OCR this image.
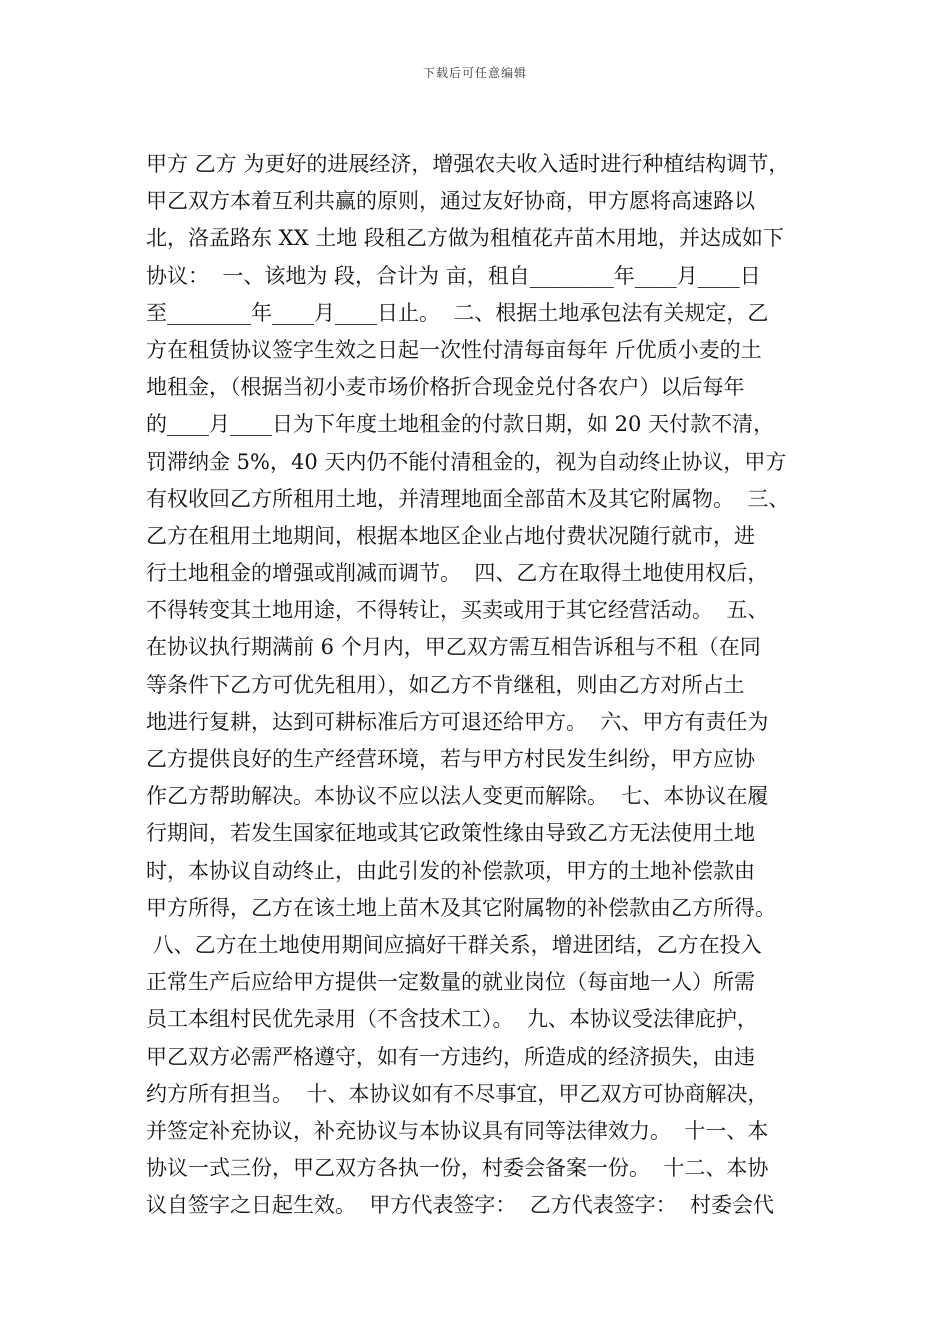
下载后可任意编辑
甲方 乙方 为更好的进展经济，增强农夫收入适时进行种植结构调节，
甲乙双方本着互利共赢的原则，通过友好协商，甲方愿将高速路以
北，洛孟路东 XX 土地 段租乙方做为租植花卉苗木用地，并达成如下
协议：  一、该地为 段，合计为 亩，租自________年____月____日
至________年____月____日止。  二、根据土地承包法有关规定，乙
方在租赁协议签字生效之日起一次性付清每亩每年 斤优质小麦的土
地租金，（根据当初小麦市场价格折合现金兑付各农户）以后每年
的____月____日为下年度土地租金的付款日期，如 20 天付款不清，
罚滞纳金 5%，40 天内仍不能付清租金的，视为自动终止协议，甲方
有权收回乙方所租用土地，并清理地面全部苗木及其它附属物。  三、
乙方在租用土地期间，根据本地区企业占地付费状况随行就市，进
行土地租金的增强或削减而调节。  四、乙方在取得土地使用权后，
不得转变其土地用途，不得转让，买卖或用于其它经营活动。  五、
在协议执行期满前 6 个月内，甲乙双方需互相告诉租与不租（在同
等条件下乙方可优先租用），如乙方不肯继租，则由乙方对所占土
地进行复耕，达到可耕标准后方可退还给甲方。  六、甲方有责任为
乙方提供良好的生产经营环境，若与甲方村民发生纠纷，甲方应协
作乙方帮助解决。本协议不应以法人变更而解除。  七、本协议在履
行期间，若发生国家征地或其它政策性缘由导致乙方无法使用土地
时，本协议自动终止，由此引发的补偿款项，甲方的土地补偿款由
甲方所得，乙方在该土地上苗木及其它附属物的补偿款由乙方所得。
八、乙方在土地使用期间应搞好干群关系，增进团结，乙方在投入
正常生产后应给甲方提供一定数量的就业岗位（每亩地一人）所需
员工本组村民优先录用（不含技术工）。  九、本协议受法律庇护，
甲乙双方必需严格遵守，如有一方违约，所造成的经济损失，由违
约方所有担当。  十、本协议如有不尽事宜，甲乙双方可协商解决，
并签定补充协议，补充协议与本协议具有同等法律效力。  十一、本
协议一式三份，甲乙双方各执一份，村委会备案一份。  十二、本协
议自签字之日起生效。  甲方代表签字：  乙方代表签字：  村委会代
